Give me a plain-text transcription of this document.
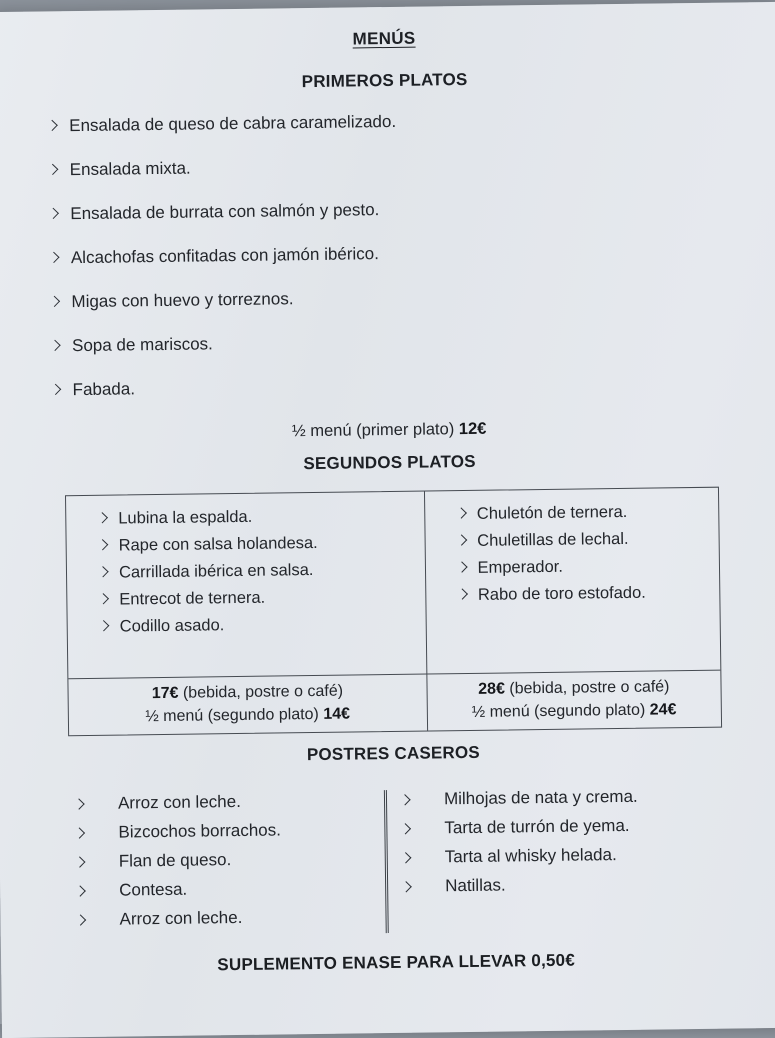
MENÚS
PRIMEROS PLATOS
Ensalada de queso de cabra caramelizado.
Ensalada mixta.
Ensalada de burrata con salmón y pesto.
Alcachofas confitadas con jamón ibérico.
Migas con huevo y torreznos.
Sopa de mariscos.
Fabada.

½ menú (primer plato) 12€

SEGUNDOS PLATOS
Lubina la espalda.
Rape con salsa holandesa.
Carrillada ibérica en salsa.
Entrecot de ternera.
Codillo asado.
Chuletón de ternera.
Chuletillas de lechal.
Emperador.
Rabo de toro estofado.
17€ (bebida, postre o café)
½ menú (segundo plato) 14€
28€ (bebida, postre o café)
½ menú (segundo plato) 24€
POSTRES CASEROS
Arroz con leche.
Bizcochos borrachos.
Flan de queso.
Contesa.
Arroz con leche.
Milhojas de nata y crema.
Tarta de turrón de yema.
Tarta al whisky helada.
Natillas.

SUPLEMENTO ENASE PARA LLEVAR 0,50€
